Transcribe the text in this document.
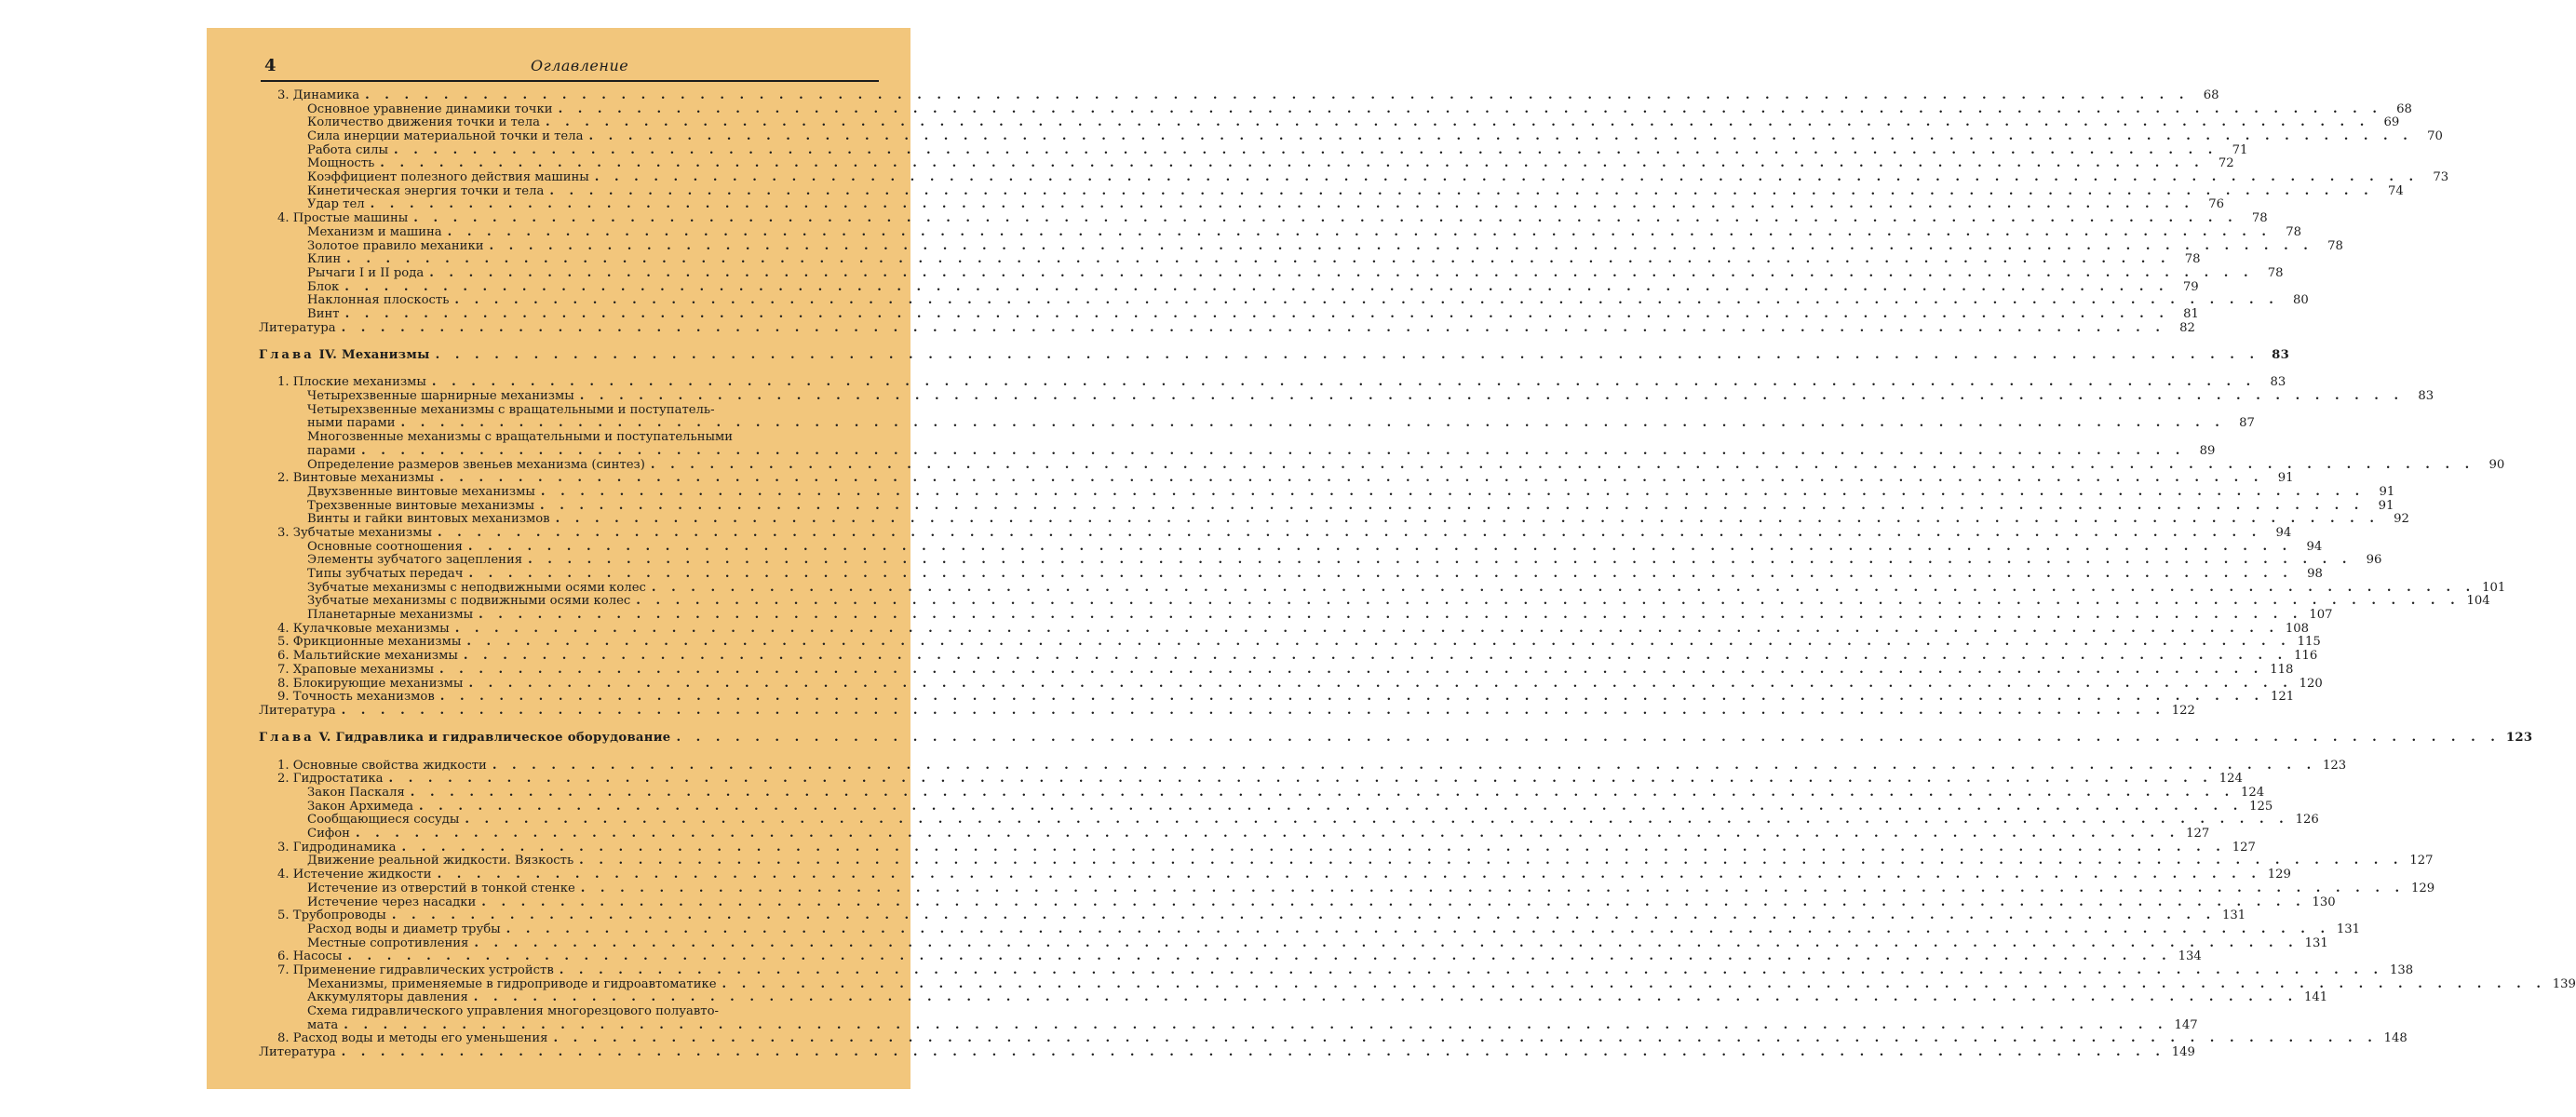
4	Оглавление
3. Динамика . . . . . . . . . . . . . . . . . . . . . . . . . . . . . . . . . . . . . . . . . . . . . . . . . . . . . . . . . . . . . . . . . . . . . . . . . . . . . . . . . . . . . . . . . . . . .	68
Основное уравнение динамики точки . . . . . . . . . . . . . . . . . . . . . . . . . . . . . . . . . . . . . . . . . . . . . . . . . . . . . . . . . . . . . . . . . . . . . . . . . . . . . . . . . . . . . . . . . . . . .	68
Количество движения точки и тела . . . . . . . . . . . . . . . . . . . . . . . . . . . . . . . . . . . . . . . . . . . . . . . . . . . . . . . . . . . . . . . . . . . . . . . . . . . . . . . . . . . . . . . . . . . . .	69
Сила инерции материальной точки и тела . . . . . . . . . . . . . . . . . . . . . . . . . . . . . . . . . . . . . . . . . . . . . . . . . . . . . . . . . . . . . . . . . . . . . . . . . . . . . . . . . . . . . . . . . . . . .	70
Работа силы . . . . . . . . . . . . . . . . . . . . . . . . . . . . . . . . . . . . . . . . . . . . . . . . . . . . . . . . . . . . . . . . . . . . . . . . . . . . . . . . . . . . . . . . . . . . .	71
Мощность . . . . . . . . . . . . . . . . . . . . . . . . . . . . . . . . . . . . . . . . . . . . . . . . . . . . . . . . . . . . . . . . . . . . . . . . . . . . . . . . . . . . . . . . . . . . .	72
Коэффициент полезного действия машины . . . . . . . . . . . . . . . . . . . . . . . . . . . . . . . . . . . . . . . . . . . . . . . . . . . . . . . . . . . . . . . . . . . . . . . . . . . . . . . . . . . . . . . . . . . . .	73
Кинетическая энергия точки и тела . . . . . . . . . . . . . . . . . . . . . . . . . . . . . . . . . . . . . . . . . . . . . . . . . . . . . . . . . . . . . . . . . . . . . . . . . . . . . . . . . . . . . . . . . . . . .	74
Удар тел . . . . . . . . . . . . . . . . . . . . . . . . . . . . . . . . . . . . . . . . . . . . . . . . . . . . . . . . . . . . . . . . . . . . . . . . . . . . . . . . . . . . . . . . . . . . .	76
4. Простые машины . . . . . . . . . . . . . . . . . . . . . . . . . . . . . . . . . . . . . . . . . . . . . . . . . . . . . . . . . . . . . . . . . . . . . . . . . . . . . . . . . . . . . . . . . . . . .	78
Механизм и машина . . . . . . . . . . . . . . . . . . . . . . . . . . . . . . . . . . . . . . . . . . . . . . . . . . . . . . . . . . . . . . . . . . . . . . . . . . . . . . . . . . . . . . . . . . . . .	78
Золотое правило механики . . . . . . . . . . . . . . . . . . . . . . . . . . . . . . . . . . . . . . . . . . . . . . . . . . . . . . . . . . . . . . . . . . . . . . . . . . . . . . . . . . . . . . . . . . . . .	78
Клин . . . . . . . . . . . . . . . . . . . . . . . . . . . . . . . . . . . . . . . . . . . . . . . . . . . . . . . . . . . . . . . . . . . . . . . . . . . . . . . . . . . . . . . . . . . . .	78
Рычаги I и II рода . . . . . . . . . . . . . . . . . . . . . . . . . . . . . . . . . . . . . . . . . . . . . . . . . . . . . . . . . . . . . . . . . . . . . . . . . . . . . . . . . . . . . . . . . . . . .	78
Блок . . . . . . . . . . . . . . . . . . . . . . . . . . . . . . . . . . . . . . . . . . . . . . . . . . . . . . . . . . . . . . . . . . . . . . . . . . . . . . . . . . . . . . . . . . . . .	79
Наклонная плоскость . . . . . . . . . . . . . . . . . . . . . . . . . . . . . . . . . . . . . . . . . . . . . . . . . . . . . . . . . . . . . . . . . . . . . . . . . . . . . . . . . . . . . . . . . . . . .	80
Винт . . . . . . . . . . . . . . . . . . . . . . . . . . . . . . . . . . . . . . . . . . . . . . . . . . . . . . . . . . . . . . . . . . . . . . . . . . . . . . . . . . . . . . . . . . . . .	81
Литература . . . . . . . . . . . . . . . . . . . . . . . . . . . . . . . . . . . . . . . . . . . . . . . . . . . . . . . . . . . . . . . . . . . . . . . . . . . . . . . . . . . . . . . . . . . . .	82
Глава IV. Механизмы . . . . . . . . . . . . . . . . . . . . . . . . . . . . . . . . . . . . . . . . . . . . . . . . . . . . . . . . . . . . . . . . . . . . . . . . . . . . . . . . . . . . . . . . . . . . . 83
1. Плоские механизмы . . . . . . . . . . . . . . . . . . . . . . . . . . . . . . . . . . . . . . . . . . . . . . . . . . . . . . . . . . . . . . . . . . . . . . . . . . . . . . . . . . . . . . . . . . . . .	83
Четырехзвенные шарнирные механизмы . . . . . . . . . . . . . . . . . . . . . . . . . . . . . . . . . . . . . . . . . . . . . . . . . . . . . . . . . . . . . . . . . . . . . . . . . . . . . . . . . . . . . . . . . . . . .	83
Четырехзвенные механизмы с вращательными и поступатель-
ными парами . . . . . . . . . . . . . . . . . . . . . . . . . . . . . . . . . . . . . . . . . . . . . . . . . . . . . . . . . . . . . . . . . . . . . . . . . . . . . . . . . . . . . . . . . . . . .	87
Многозвенные механизмы с вращательными и поступательными
парами . . . . . . . . . . . . . . . . . . . . . . . . . . . . . . . . . . . . . . . . . . . . . . . . . . . . . . . . . . . . . . . . . . . . . . . . . . . . . . . . . . . . . . . . . . . . .	89
Определение размеров звеньев механизма (синтез) . . . . . . . . . . . . . . . . . . . . . . . . . . . . . . . . . . . . . . . . . . . . . . . . . . . . . . . . . . . . . . . . . . . . . . . . . . . . . . . . . . . . . . . . . . . . .	90
2. Винтовые механизмы . . . . . . . . . . . . . . . . . . . . . . . . . . . . . . . . . . . . . . . . . . . . . . . . . . . . . . . . . . . . . . . . . . . . . . . . . . . . . . . . . . . . . . . . . . . . .	91
Двухзвенные винтовые механизмы . . . . . . . . . . . . . . . . . . . . . . . . . . . . . . . . . . . . . . . . . . . . . . . . . . . . . . . . . . . . . . . . . . . . . . . . . . . . . . . . . . . . . . . . . . . . .	91
Трехзвенные винтовые механизмы . . . . . . . . . . . . . . . . . . . . . . . . . . . . . . . . . . . . . . . . . . . . . . . . . . . . . . . . . . . . . . . . . . . . . . . . . . . . . . . . . . . . . . . . . . . . .	91
Винты и гайки винтовых механизмов . . . . . . . . . . . . . . . . . . . . . . . . . . . . . . . . . . . . . . . . . . . . . . . . . . . . . . . . . . . . . . . . . . . . . . . . . . . . . . . . . . . . . . . . . . . . .	92
3. Зубчатые механизмы . . . . . . . . . . . . . . . . . . . . . . . . . . . . . . . . . . . . . . . . . . . . . . . . . . . . . . . . . . . . . . . . . . . . . . . . . . . . . . . . . . . . . . . . . . . . .	94
Основные соотношения . . . . . . . . . . . . . . . . . . . . . . . . . . . . . . . . . . . . . . . . . . . . . . . . . . . . . . . . . . . . . . . . . . . . . . . . . . . . . . . . . . . . . . . . . . . . .	94
Элементы зубчатого зацепления . . . . . . . . . . . . . . . . . . . . . . . . . . . . . . . . . . . . . . . . . . . . . . . . . . . . . . . . . . . . . . . . . . . . . . . . . . . . . . . . . . . . . . . . . . . . .	96
Типы зубчатых передач . . . . . . . . . . . . . . . . . . . . . . . . . . . . . . . . . . . . . . . . . . . . . . . . . . . . . . . . . . . . . . . . . . . . . . . . . . . . . . . . . . . . . . . . . . . . .	98
Зубчатые механизмы с неподвижными осями колес . . . . . . . . . . . . . . . . . . . . . . . . . . . . . . . . . . . . . . . . . . . . . . . . . . . . . . . . . . . . . . . . . . . . . . . . . . . . . . . . . . . . . . . . . . . . . 101
Зубчатые механизмы с подвижными осями колес . . . . . . . . . . . . . . . . . . . . . . . . . . . . . . . . . . . . . . . . . . . . . . . . . . . . . . . . . . . . . . . . . . . . . . . . . . . . . . . . . . . . . . . . . . . . . 104
Планетарные механизмы . . . . . . . . . . . . . . . . . . . . . . . . . . . . . . . . . . . . . . . . . . . . . . . . . . . . . . . . . . . . . . . . . . . . . . . . . . . . . . . . . . . . . . . . . . . . . 107
4. Кулачковые механизмы . . . . . . . . . . . . . . . . . . . . . . . . . . . . . . . . . . . . . . . . . . . . . . . . . . . . . . . . . . . . . . . . . . . . . . . . . . . . . . . . . . . . . . . . . . . . . 108
5. Фрикционные механизмы . . . . . . . . . . . . . . . . . . . . . . . . . . . . . . . . . . . . . . . . . . . . . . . . . . . . . . . . . . . . . . . . . . . . . . . . . . . . . . . . . . . . . . . . . . . . . 115
6. Мальтийские механизмы . . . . . . . . . . . . . . . . . . . . . . . . . . . . . . . . . . . . . . . . . . . . . . . . . . . . . . . . . . . . . . . . . . . . . . . . . . . . . . . . . . . . . . . . . . . . . 116
7. Храповые механизмы . . . . . . . . . . . . . . . . . . . . . . . . . . . . . . . . . . . . . . . . . . . . . . . . . . . . . . . . . . . . . . . . . . . . . . . . . . . . . . . . . . . . . . . . . . . . . 118
8. Блокирующие механизмы . . . . . . . . . . . . . . . . . . . . . . . . . . . . . . . . . . . . . . . . . . . . . . . . . . . . . . . . . . . . . . . . . . . . . . . . . . . . . . . . . . . . . . . . . . . . . 120
9. Точность механизмов . . . . . . . . . . . . . . . . . . . . . . . . . . . . . . . . . . . . . . . . . . . . . . . . . . . . . . . . . . . . . . . . . . . . . . . . . . . . . . . . . . . . . . . . . . . . . 121
Литература . . . . . . . . . . . . . . . . . . . . . . . . . . . . . . . . . . . . . . . . . . . . . . . . . . . . . . . . . . . . . . . . . . . . . . . . . . . . . . . . . . . . . . . . . . . . . 122
Глава V. Гидравлика и гидравлическое оборудование . . . . . . . . . . . . . . . . . . . . . . . . . . . . . . . . . . . . . . . . . . . . . . . . . . . . . . . . . . . . . . . . . . . . . . . . . . . . . . . . . . . . . . . . . . . . . 123
1. Основные свойства жидкости . . . . . . . . . . . . . . . . . . . . . . . . . . . . . . . . . . . . . . . . . . . . . . . . . . . . . . . . . . . . . . . . . . . . . . . . . . . . . . . . . . . . . . . . . . . . . 123
2. Гидростатика . . . . . . . . . . . . . . . . . . . . . . . . . . . . . . . . . . . . . . . . . . . . . . . . . . . . . . . . . . . . . . . . . . . . . . . . . . . . . . . . . . . . . . . . . . . . . 124
Закон Паскаля . . . . . . . . . . . . . . . . . . . . . . . . . . . . . . . . . . . . . . . . . . . . . . . . . . . . . . . . . . . . . . . . . . . . . . . . . . . . . . . . . . . . . . . . . . . . . 124
Закон Архимеда . . . . . . . . . . . . . . . . . . . . . . . . . . . . . . . . . . . . . . . . . . . . . . . . . . . . . . . . . . . . . . . . . . . . . . . . . . . . . . . . . . . . . . . . . . . . . 125
Сообщающиеся сосуды . . . . . . . . . . . . . . . . . . . . . . . . . . . . . . . . . . . . . . . . . . . . . . . . . . . . . . . . . . . . . . . . . . . . . . . . . . . . . . . . . . . . . . . . . . . . . 126
Сифон . . . . . . . . . . . . . . . . . . . . . . . . . . . . . . . . . . . . . . . . . . . . . . . . . . . . . . . . . . . . . . . . . . . . . . . . . . . . . . . . . . . . . . . . . . . . . 127
3. Гидродинамика . . . . . . . . . . . . . . . . . . . . . . . . . . . . . . . . . . . . . . . . . . . . . . . . . . . . . . . . . . . . . . . . . . . . . . . . . . . . . . . . . . . . . . . . . . . . . 127
Движение реальной жидкости. Вязкость . . . . . . . . . . . . . . . . . . . . . . . . . . . . . . . . . . . . . . . . . . . . . . . . . . . . . . . . . . . . . . . . . . . . . . . . . . . . . . . . . . . . . . . . . . . . . 127
4. Истечение жидкости . . . . . . . . . . . . . . . . . . . . . . . . . . . . . . . . . . . . . . . . . . . . . . . . . . . . . . . . . . . . . . . . . . . . . . . . . . . . . . . . . . . . . . . . . . . . . 129
Истечение из отверстий в тонкой стенке . . . . . . . . . . . . . . . . . . . . . . . . . . . . . . . . . . . . . . . . . . . . . . . . . . . . . . . . . . . . . . . . . . . . . . . . . . . . . . . . . . . . . . . . . . . . . 129
Истечение через насадки . . . . . . . . . . . . . . . . . . . . . . . . . . . . . . . . . . . . . . . . . . . . . . . . . . . . . . . . . . . . . . . . . . . . . . . . . . . . . . . . . . . . . . . . . . . . . 130
5. Трубопроводы . . . . . . . . . . . . . . . . . . . . . . . . . . . . . . . . . . . . . . . . . . . . . . . . . . . . . . . . . . . . . . . . . . . . . . . . . . . . . . . . . . . . . . . . . . . . . 131
Расход воды и диаметр трубы . . . . . . . . . . . . . . . . . . . . . . . . . . . . . . . . . . . . . . . . . . . . . . . . . . . . . . . . . . . . . . . . . . . . . . . . . . . . . . . . . . . . . . . . . . . . . 131
Местные сопротивления . . . . . . . . . . . . . . . . . . . . . . . . . . . . . . . . . . . . . . . . . . . . . . . . . . . . . . . . . . . . . . . . . . . . . . . . . . . . . . . . . . . . . . . . . . . . . 131
6. Насосы . . . . . . . . . . . . . . . . . . . . . . . . . . . . . . . . . . . . . . . . . . . . . . . . . . . . . . . . . . . . . . . . . . . . . . . . . . . . . . . . . . . . . . . . . . . . . 134
7. Применение гидравлических устройств . . . . . . . . . . . . . . . . . . . . . . . . . . . . . . . . . . . . . . . . . . . . . . . . . . . . . . . . . . . . . . . . . . . . . . . . . . . . . . . . . . . . . . . . . . . . . 138
Механизмы, применяемые в гидроприводе и гидроавтоматике . . . . . . . . . . . . . . . . . . . . . . . . . . . . . . . . . . . . . . . . . . . . . . . . . . . . . . . . . . . . . . . . . . . . . . . . . . . . . . . . . . . . . . . . . . . . . 139
Аккумуляторы давления . . . . . . . . . . . . . . . . . . . . . . . . . . . . . . . . . . . . . . . . . . . . . . . . . . . . . . . . . . . . . . . . . . . . . . . . . . . . . . . . . . . . . . . . . . . . . 141
Схема гидравлического управления многорезцового полуавто-
мата . . . . . . . . . . . . . . . . . . . . . . . . . . . . . . . . . . . . . . . . . . . . . . . . . . . . . . . . . . . . . . . . . . . . . . . . . . . . . . . . . . . . . . . . . . . . . 147
8. Расход воды и методы его уменьшения . . . . . . . . . . . . . . . . . . . . . . . . . . . . . . . . . . . . . . . . . . . . . . . . . . . . . . . . . . . . . . . . . . . . . . . . . . . . . . . . . . . . . . . . . . . . . 148
Литература . . . . . . . . . . . . . . . . . . . . . . . . . . . . . . . . . . . . . . . . . . . . . . . . . . . . . . . . . . . . . . . . . . . . . . . . . . . . . . . . . . . . . . . . . . . . . 149
